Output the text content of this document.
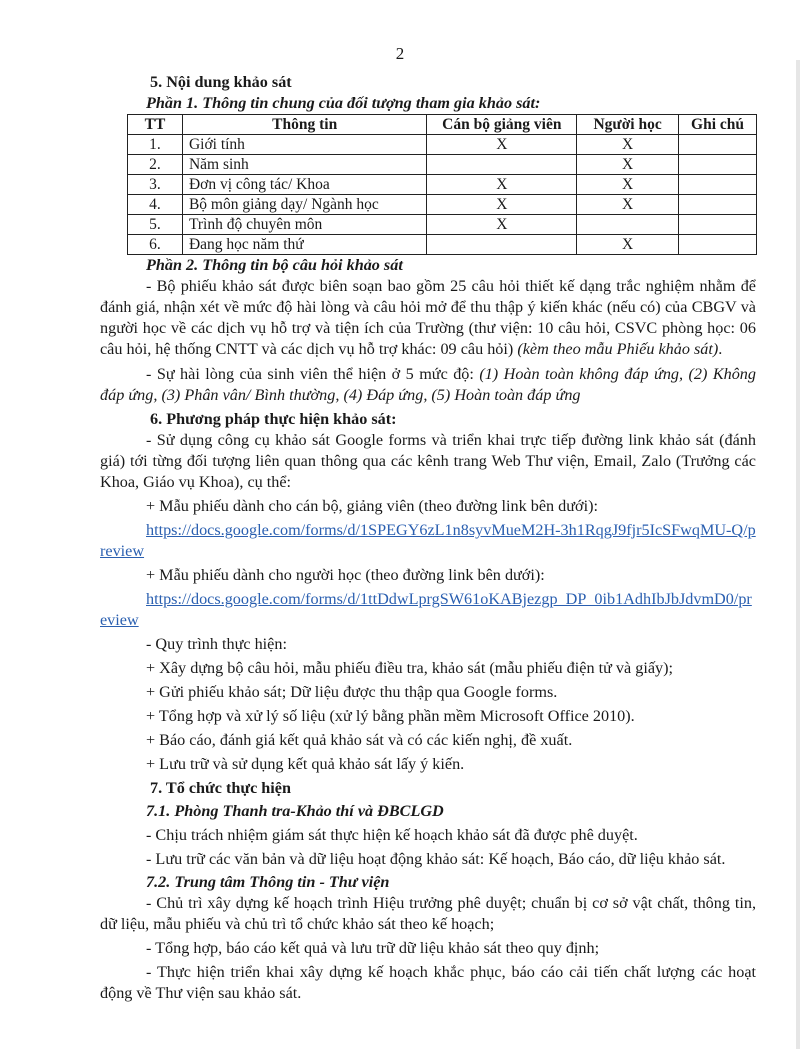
2
5. Nội dung khảo sát
Phần 1. Thông tin chung của đối tượng tham gia khảo sát:
TT	Thông tin	Cán bộ giảng viên	Người học	Ghi chú
1.	Giới tính	X	X	
2.	Năm sinh		X	
3.	Đơn vị công tác/ Khoa	X	X	
4.	Bộ môn giảng dạy/ Ngành học	X	X	
5.	Trình độ chuyên môn	X		
6.	Đang học năm thứ		X	
Phần 2. Thông tin bộ câu hỏi khảo sát

- Bộ phiếu khảo sát được biên soạn bao gồm 25 câu hỏi thiết kế dạng trắc nghiệm nhằm để đánh giá, nhận xét về mức độ hài lòng và câu hỏi mở để thu thập ý kiến khác (nếu có) của CBGV và người học về các dịch vụ hỗ trợ và tiện ích của Trường (thư viện: 10 câu hỏi, CSVC phòng học: 06 câu hỏi, hệ thống CNTT và các dịch vụ hỗ trợ khác: 09 câu hỏi) (kèm theo mẫu Phiếu khảo sát).

- Sự hài lòng của sinh viên thể hiện ở 5 mức độ: (1) Hoàn toàn không đáp ứng, (2) Không đáp ứng, (3) Phân vân/ Bình thường, (4) Đáp ứng, (5) Hoàn toàn đáp ứng

6. Phương pháp thực hiện khảo sát:

- Sử dụng công cụ khảo sát Google forms và triển khai trực tiếp đường link khảo sát (đánh giá) tới từng đối tượng liên quan thông qua các kênh trang Web Thư viện, Email, Zalo (Trưởng các Khoa, Giáo vụ Khoa), cụ thể:

+ Mẫu phiếu dành cho cán bộ, giảng viên (theo đường link bên dưới):
https://docs.google.com/forms/d/1SPEGY6zL1n8syvMueM2H-3h1RqgJ9fjr5IcSFwqMU-Q/preview
+ Mẫu phiếu dành cho người học (theo đường link bên dưới):
https://docs.google.com/forms/d/1ttDdwLprgSW61oKABjezgp_DP_0ib1AdhIbJbJdvmD0/preview
- Quy trình thực hiện:
+ Xây dựng bộ câu hỏi, mẫu phiếu điều tra, khảo sát (mẫu phiếu điện tử và giấy);
+ Gửi phiếu khảo sát; Dữ liệu được thu thập qua Google forms.
+ Tổng hợp và xử lý số liệu (xử lý bằng phần mềm Microsoft Office 2010).
+ Báo cáo, đánh giá kết quả khảo sát và có các kiến nghị, đề xuất.
+ Lưu trữ và sử dụng kết quả khảo sát lấy ý kiến.
7. Tổ chức thực hiện
7.1. Phòng Thanh tra-Khảo thí và ĐBCLGD
- Chịu trách nhiệm giám sát thực hiện kế hoạch khảo sát đã được phê duyệt.
- Lưu trữ các văn bản và dữ liệu hoạt động khảo sát: Kế hoạch, Báo cáo, dữ liệu khảo sát.
7.2. Trung tâm Thông tin - Thư viện

- Chủ trì xây dựng kế hoạch trình Hiệu trưởng phê duyệt; chuẩn bị cơ sở vật chất, thông tin, dữ liệu, mẫu phiếu và chủ trì tổ chức khảo sát theo kế hoạch;

- Tổng hợp, báo cáo kết quả và lưu trữ dữ liệu khảo sát theo quy định;

- Thực hiện triển khai xây dựng kế hoạch khắc phục, báo cáo cải tiến chất lượng các hoạt động về Thư viện sau khảo sát.
